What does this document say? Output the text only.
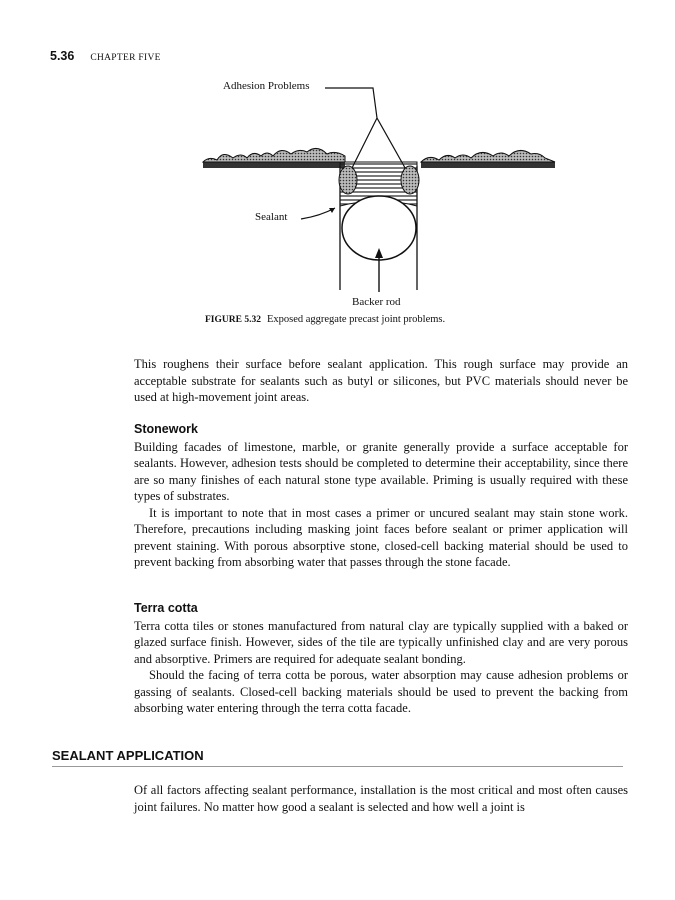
5.36 CHAPTER FIVE
Adhesion Problems
Sealant
Backer rod
FIGURE 5.32 Exposed aggregate precast joint problems.

This roughens their surface before sealant application. This rough surface may provide an acceptable substrate for sealants such as butyl or silicones, but PVC materials should never be used at high-movement joint areas.

Stonework

Building facades of limestone, marble, or granite generally provide a surface acceptable for sealants. However, adhesion tests should be completed to determine their acceptability, since there are so many finishes of each natural stone type available. Priming is usually required with these types of substrates.

It is important to note that in most cases a primer or uncured sealant may stain stone work. Therefore, precautions including masking joint faces before sealant or primer application will prevent staining. With porous absorptive stone, closed-cell backing material should be used to prevent backing from absorbing water that passes through the stone facade.

Terra cotta

Terra cotta tiles or stones manufactured from natural clay are typically supplied with a baked or glazed surface finish. However, sides of the tile are typically unfinished clay and are very porous and absorptive. Primers are required for adequate sealant bonding.

Should the facing of terra cotta be porous, water absorption may cause adhesion problems or gassing of sealants. Closed-cell backing materials should be used to prevent the backing from absorbing water entering through the terra cotta facade.

SEALANT APPLICATION

Of all factors affecting sealant performance, installation is the most critical and most often causes joint failures. No matter how good a sealant is selected and how well a joint is
